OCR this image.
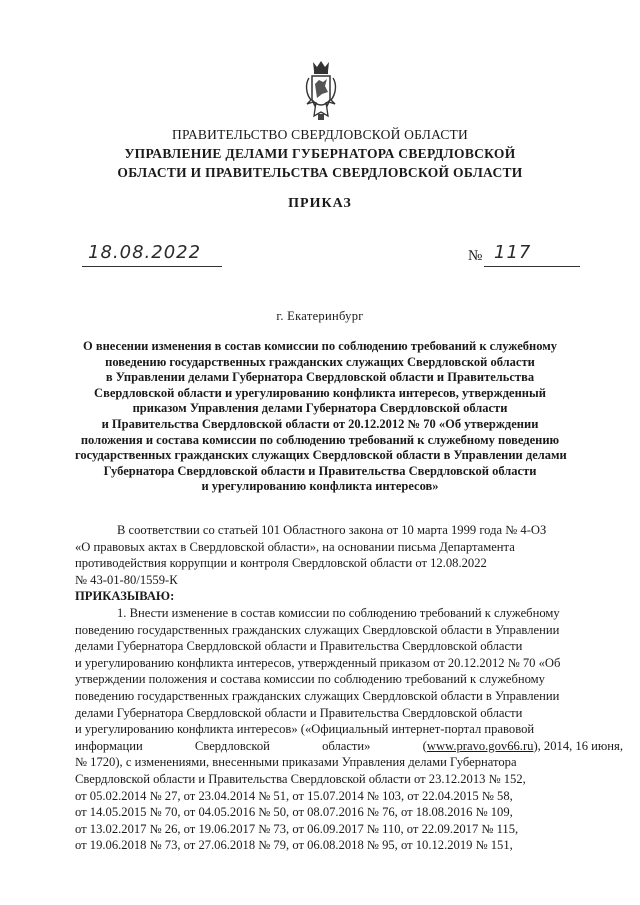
ПРАВИТЕЛЬСТВО СВЕРДЛОВСКОЙ ОБЛАСТИ
УПРАВЛЕНИЕ ДЕЛАМИ ГУБЕРНАТОРА СВЕРДЛОВСКОЙ
ОБЛАСТИ И ПРАВИТЕЛЬСТВА СВЕРДЛОВСКОЙ ОБЛАСТИ
ПРИКАЗ
18.08.2022	№ 117
г. Екатеринбург
О внесении изменения в состав комиссии по соблюдению требований к служебному
поведению государственных гражданских служащих Свердловской области
в Управлении делами Губернатора Свердловской области и Правительства
Свердловской области и урегулированию конфликта интересов, утвержденный
приказом Управления делами Губернатора Свердловской области
и Правительства Свердловской области от 20.12.2012 № 70 «Об утверждении
положения и состава комиссии по соблюдению требований к служебному поведению
государственных гражданских служащих Свердловской области в Управлении делами
Губернатора Свердловской области и Правительства Свердловской области
и урегулированию конфликта интересов»
В соответствии со статьей 101 Областного закона от 10 марта 1999 года № 4-ОЗ
«О правовых актах в Свердловской области», на основании письма Департамента
противодействия коррупции и контроля Свердловской области от 12.08.2022
№ 43-01-80/1559-К
ПРИКАЗЫВАЮ:
1. Внести изменение в состав комиссии по соблюдению требований к служебному
поведению государственных гражданских служащих Свердловской области в Управлении
делами Губернатора Свердловской области и Правительства Свердловской области
и урегулированию конфликта интересов, утвержденный приказом от 20.12.2012 № 70 «Об
утверждении положения и состава комиссии по соблюдению требований к служебному
поведению государственных гражданских служащих Свердловской области в Управлении
делами Губернатора Свердловской области и Правительства Свердловской области
и урегулированию конфликта интересов» («Официальный интернет-портал правовой
информации	Свердловской	области»	(www.pravo.gov66.ru), 2014, 16 июня,
№ 1720), с изменениями, внесенными приказами Управления делами Губернатора
Свердловской области и Правительства Свердловской области от 23.12.2013 № 152,
от 05.02.2014 № 27, от 23.04.2014 № 51, от 15.07.2014 № 103, от 22.04.2015 № 58,
от 14.05.2015 № 70, от 04.05.2016 № 50, от 08.07.2016 № 76, от 18.08.2016 № 109,
от 13.02.2017 № 26, от 19.06.2017 № 73, от 06.09.2017 № 110, от 22.09.2017 № 115,
от 19.06.2018 № 73, от 27.06.2018 № 79, от 06.08.2018 № 95, от 10.12.2019 № 151,
